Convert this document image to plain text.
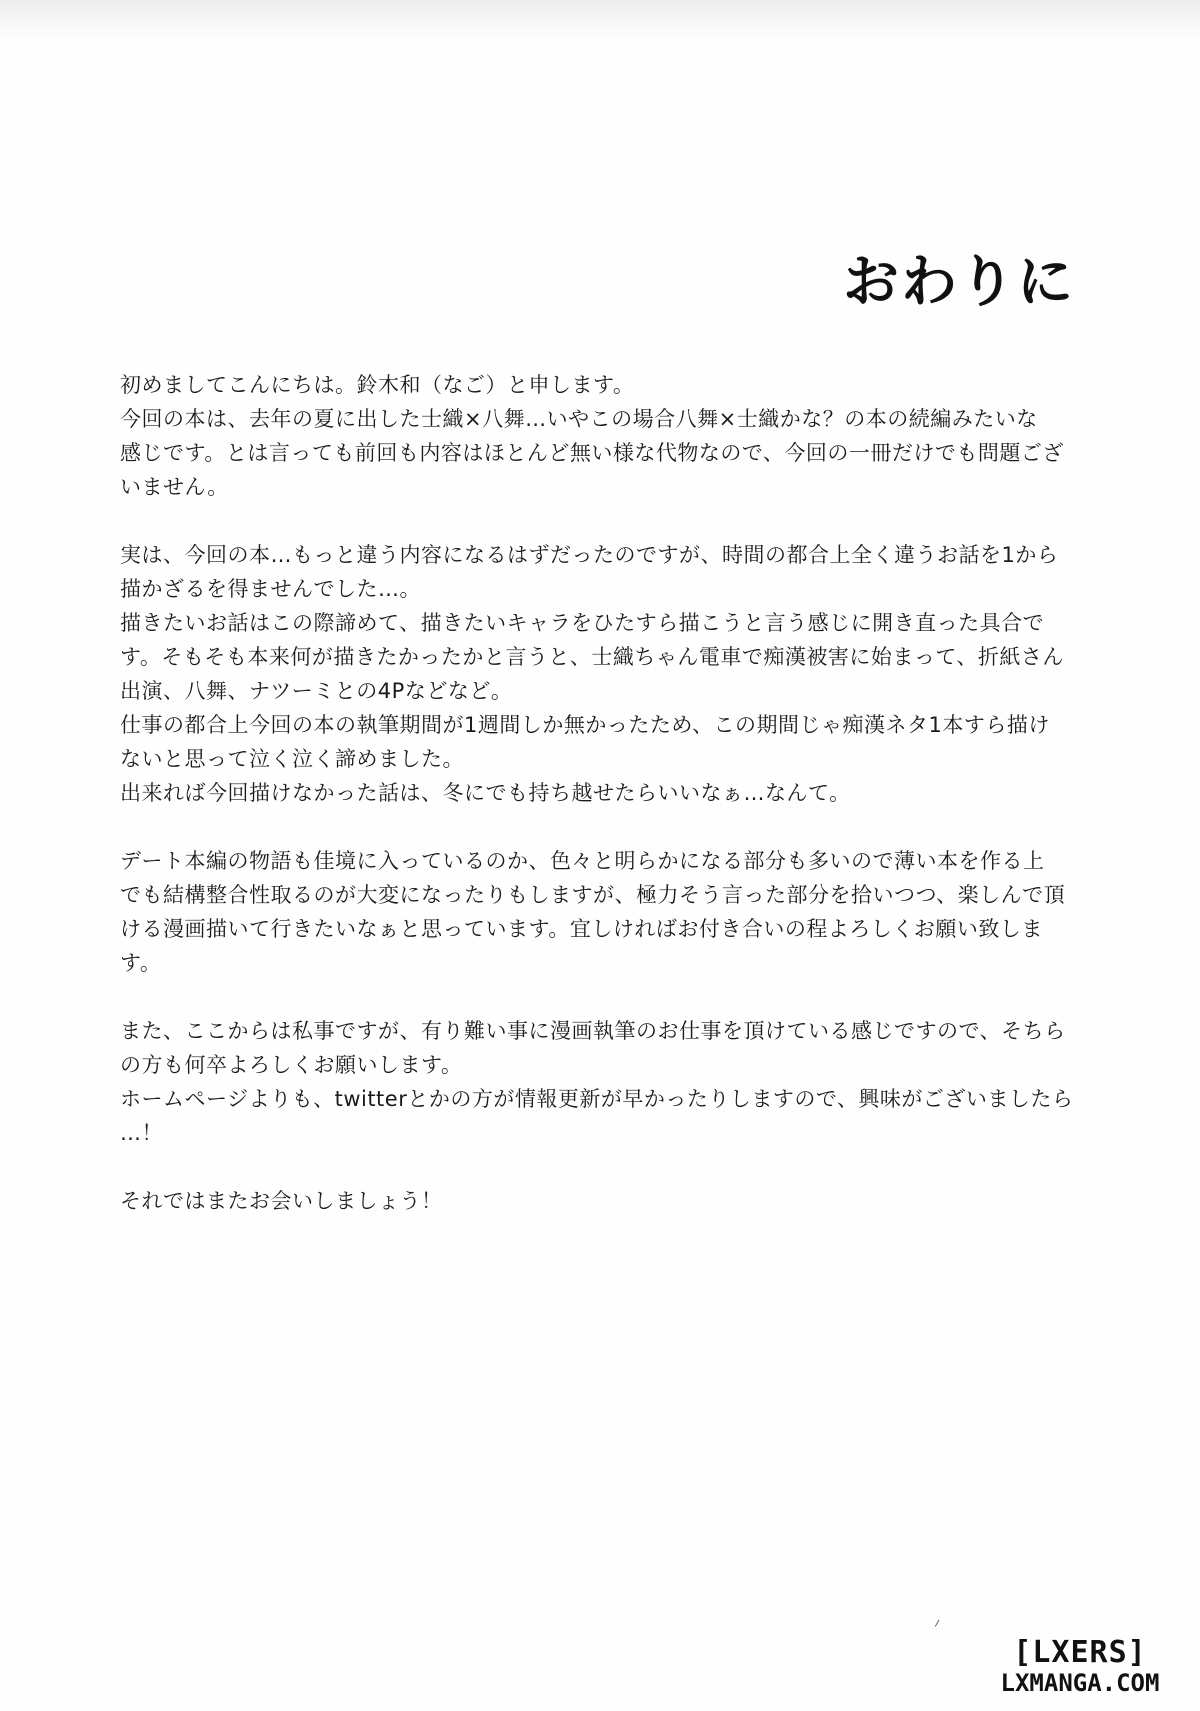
おわりに

初めましてこんにちは。鈴木和（なご）と申します。
今回の本は、去年の夏に出した士織×八舞…いやこの場合八舞×士織かな？の本の続編みたいな
感じです。とは言っても前回も内容はほとんど無い様な代物なので、今回の一冊だけでも問題ござ
いません。

実は、今回の本…もっと違う内容になるはずだったのですが、時間の都合上全く違うお話を1から
描かざるを得ませんでした…。
描きたいお話はこの際諦めて、描きたいキャラをひたすら描こうと言う感じに開き直った具合で
す。そもそも本来何が描きたかったかと言うと、士織ちゃん電車で痴漢被害に始まって、折紙さん
出演、八舞、ナツーミとの4Pなどなど。
仕事の都合上今回の本の執筆期間が1週間しか無かったため、この期間じゃ痴漢ネタ1本すら描け
ないと思って泣く泣く諦めました。
出来れば今回描けなかった話は、冬にでも持ち越せたらいいなぁ…なんて。

デート本編の物語も佳境に入っているのか、色々と明らかになる部分も多いので薄い本を作る上
でも結構整合性取るのが大変になったりもしますが、極力そう言った部分を拾いつつ、楽しんで頂
ける漫画描いて行きたいなぁと思っています。宜しければお付き合いの程よろしくお願い致しま
す。

また、ここからは私事ですが、有り難い事に漫画執筆のお仕事を頂けている感じですので、そちら
の方も何卒よろしくお願いします。
ホームページよりも、twitterとかの方が情報更新が早かったりしますので、興味がございましたら
…！

それではまたお会いしましょう！

⸝
[LXERS]
LXMANGA.COM
